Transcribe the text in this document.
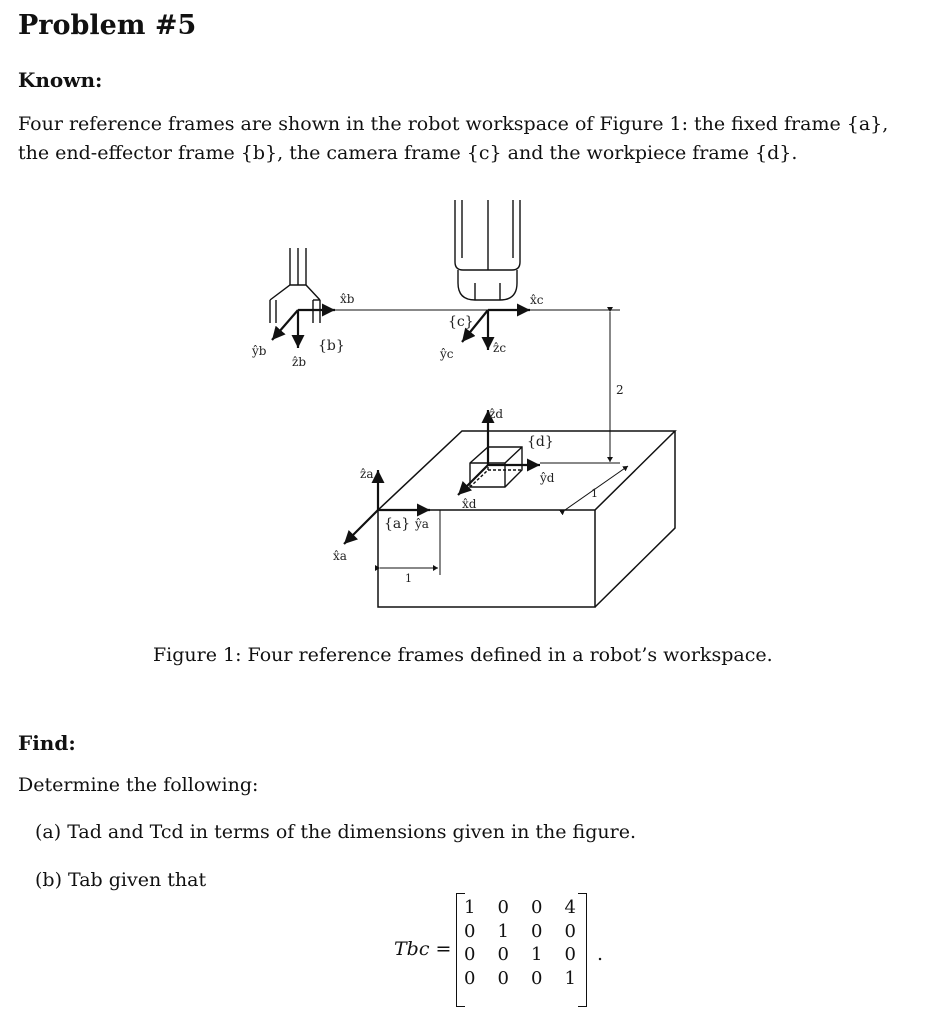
Problem #5
Known:
Four reference frames are shown in the robot workspace of Figure 1: the fixed frame {a},
the end-effector frame {b}, the camera frame {c} and the workpiece frame {d}.
x̂b
ŷb
ẑb
{b}
{c}
x̂c
ŷc	ẑc
2
ẑd
{d}
ŷd
x̂d
1
ẑa
{a} ŷa
x̂a
1
Figure 1: Four reference frames defined in a robot’s workspace.
Find:
Determine the following:
(a) Tad and Tcd in terms of the dimensions given in the figure.
(b) Tab given that
Tbc =
1 0 0 4
0 1 0 0
0 0 1 0
0 0 0 1
.
